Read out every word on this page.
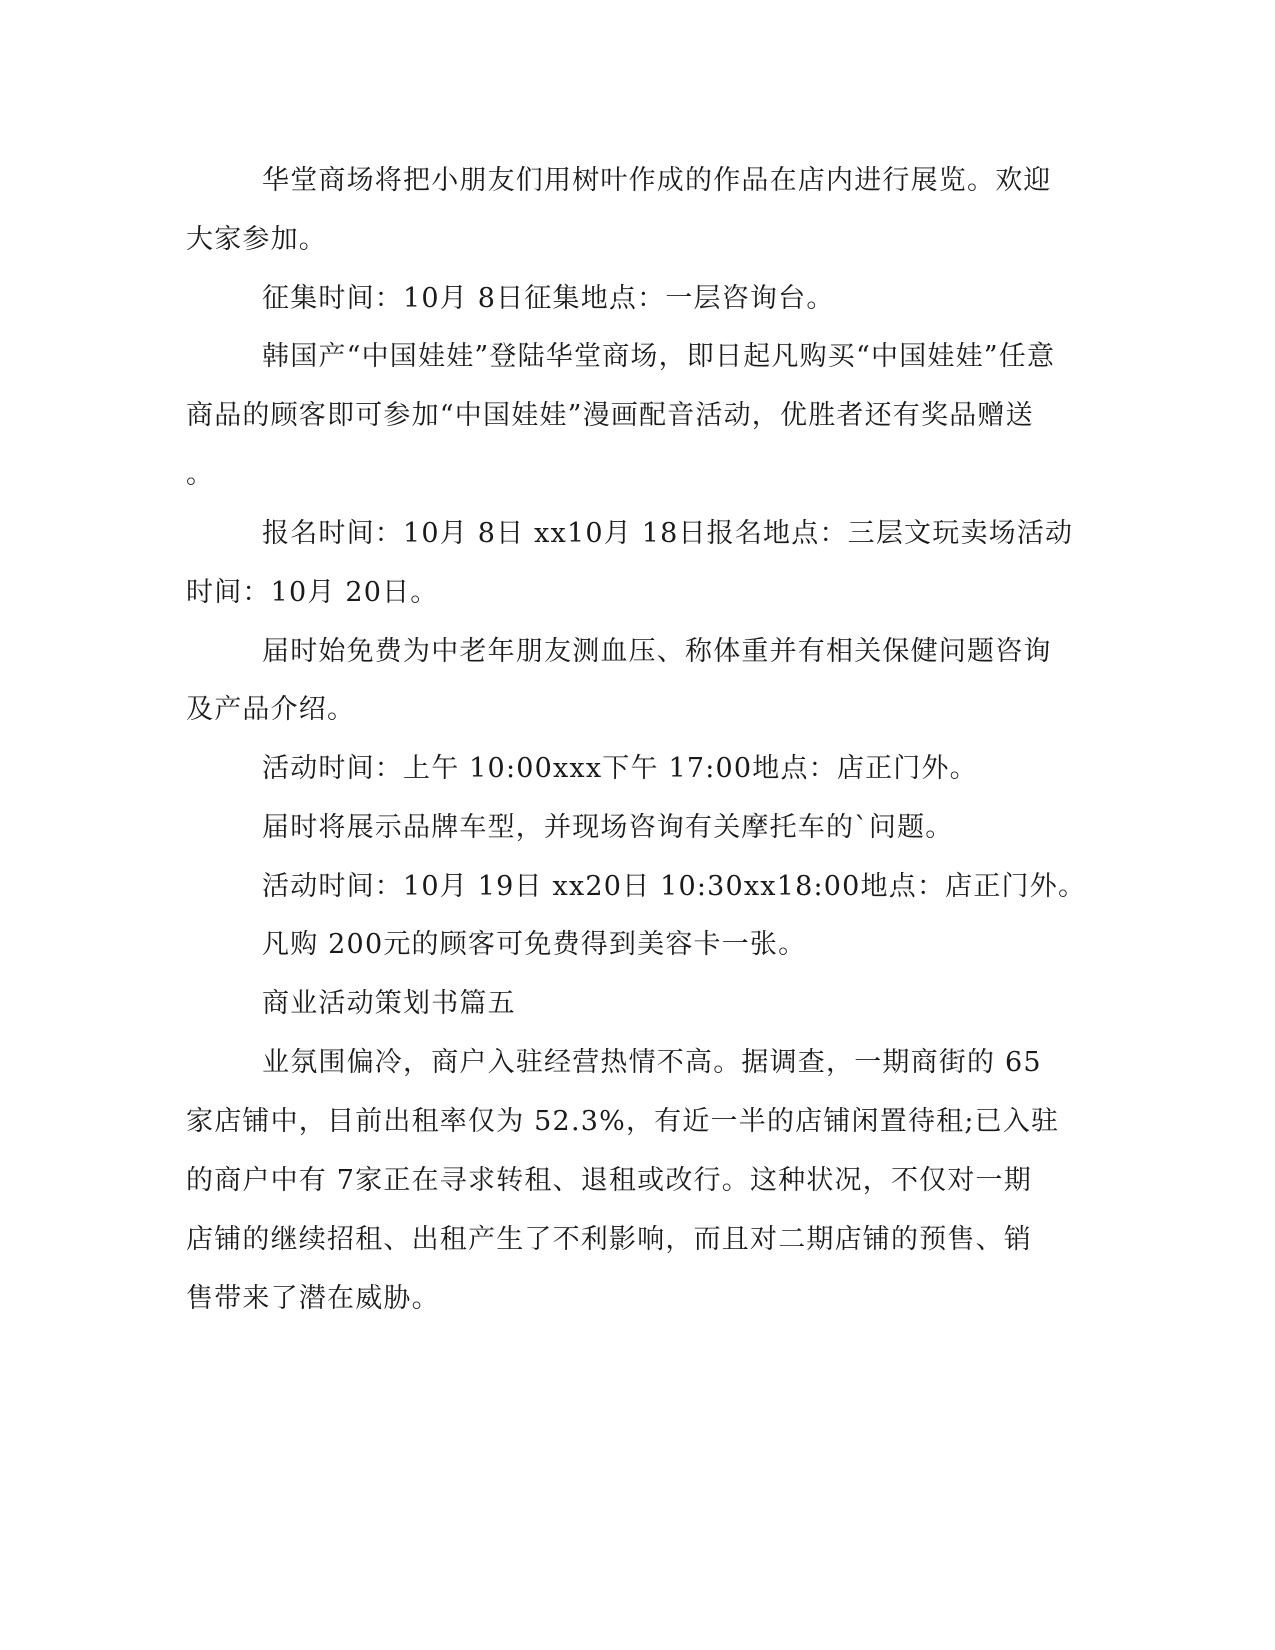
华堂商场将把小朋友们用树叶作成的作品在店内进行展览。欢迎
大家参加。
征集时间：10月 8日征集地点：一层咨询台。
韩国产“中国娃娃”登陆华堂商场，即日起凡购买“中国娃娃”任意
商品的顾客即可参加“中国娃娃”漫画配音活动，优胜者还有奖品赠送
。
报名时间：10月 8日 xx10月 18日报名地点：三层文玩卖场活动
时间：10月 20日。
届时始免费为中老年朋友测血压、称体重并有相关保健问题咨询
及产品介绍。
活动时间：上午 10:00xxx下午 17:00地点：店正门外。
届时将展示品牌车型，并现场咨询有关摩托车的`问题。
活动时间：10月 19日 xx20日 10:30xx18:00地点：店正门外。
凡购 200元的顾客可免费得到美容卡一张。
商业活动策划书篇五
业氛围偏冷，商户入驻经营热情不高。据调查，一期商街的 65
家店铺中，目前出租率仅为 52.3%，有近一半的店铺闲置待租;已入驻
的商户中有 7家正在寻求转租、退租或改行。这种状况，不仅对一期
店铺的继续招租、出租产生了不利影响，而且对二期店铺的预售、销
售带来了潜在威胁。
